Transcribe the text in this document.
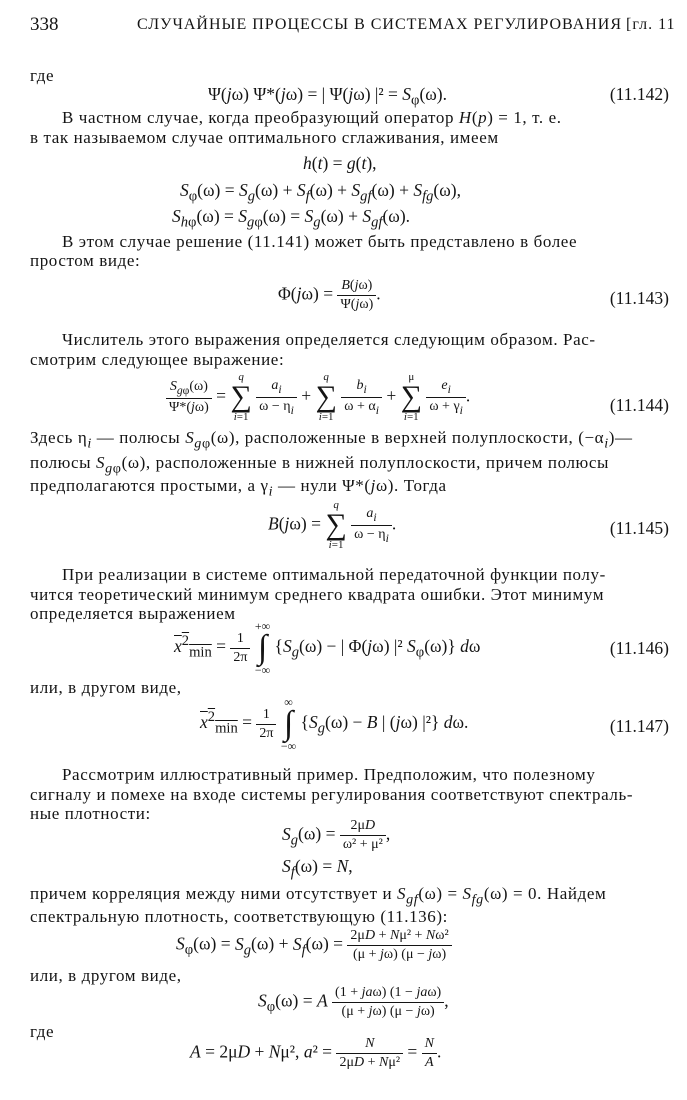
338	СЛУЧАЙНЫЕ ПРОЦЕССЫ В СИСТЕМАХ РЕГУЛИРОВАНИЯ [гл. 11
где
Ψ(jω) Ψ*(jω) = | Ψ(jω) $|^2 = S_\varphi(\omega)$.	(11.142)
В частном случае, когда преобразующий оператор H(p) = 1, т. е.
в так называемом случае оптимального сглаживания, имеем
h(t) = g(t),
$S_\varphi(\omega) = S_g(\omega) + S_f(\omega) + S_{gf}(\omega) + S_{fg}(\omega)$,
$S_{h\varphi}(\omega) = S_{g\varphi}(\omega) = S_g(\omega) + S_{gf}(\omega)$.
В этом случае решение (11.141) может быть представлено в более
простом виде:
$\Phi(j\omega) = \frac{B(j\omega)}{\Psi(j\omega)}$ .	(11.143)
Числитель этого выражения определяется следующим образом. Рас-
смотрим следующее выражение:
$\frac{S_{g\varphi}(\omega)}{\Psi*(j\omega)}$ =
q
∑
i=1
$\frac{a_i}{\omega - \eta_i}$ +
q
∑
i=1
$\frac{b_i}{\omega + \alpha_i}$ +
μ
∑
i=1
$\frac{e_i}{\omega + \gamma_i}$ .	(11.144)
Здесь $\eta_i$ — полюсы $S_{g\varphi}(\omega)$, расположенные в верхней полуплоскости, $(-\alpha_i)—$
полюсы $S_{g\varphi}(\omega)$, расположенные в нижней полуплоскости, причем полюсы
предполагаются простыми, а $\gamma_i$ — нули Ψ*(jω). Тогда
B(jω) =
q
∑
i=1
$\frac{a_i}{\omega - \eta_i}$ .	(11.145)
При реализации в системе оптимальной передаточной функции полу-
чится теоретический минимум среднего квадрата ошибки. Этот минимум
определяется выражением
$x^2_{min} = \frac{1}{2\pi}$

+∞
∫
−∞
{$S_g(\omega)$ − | Φ(jω) |² $S_\varphi(\omega)$} dω	(11.146)
или, в другом виде,
$x^2_{min} = \frac{1}{2\pi}$

∞
∫
−∞
{$S_g(\omega) - B$ | (jω) |²} dω.	(11.147)
Рассмотрим иллюстративный пример. Предположим, что полезному
сигналу и помехе на входе системы регулирования соответствуют спектраль-
ные плотности:
$S_g(\omega) = \frac{2\mu D}{\text{ω² + μ²}}$ ,
$S_f(\omega) = N$,
причем корреляция между ними отсутствует и $S_{gf}(\omega) = S_{fg}(\omega) = 0$. Найдем
спектральную плотность, соответствующую (11.136):
$S_\varphi(\omega) = S_g(\omega) + S_f(\omega) = \frac{\text{2μD + Nμ² + Nω²}}{(\mu + j\omega) (\mu - j\omega)}$
или, в другом виде,
$S_\varphi(\omega) = A \frac{\text{(1 + jaω) (1 − jaω)}}{(\mu + j\omega) (\mu - j\omega)}$ ,
где
A = 2μD + Nμ², $a^2 = \frac{N}{\text{2μD + Nμ²}} = \frac{N}{A}$ .
